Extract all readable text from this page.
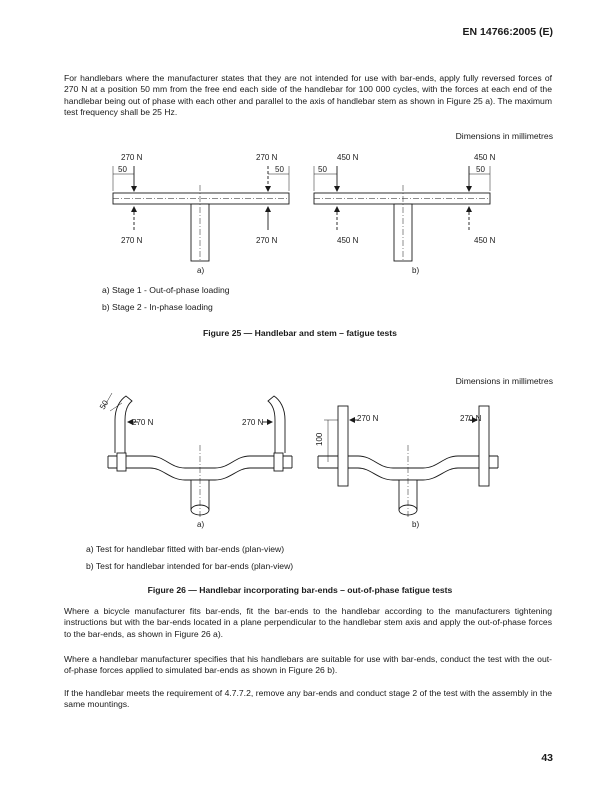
EN 14766:2005 (E)

For handlebars where the manufacturer states that they are not intended for use with bar-ends, apply fully reversed forces of 270 N at a position 50 mm from the free end each side of the handlebar for 100 000 cycles, with the forces at each end of the handlebar being out of phase with each other and parallel to the axis of handlebar stem as shown in Figure 25 a). The maximum test frequency shall be 25 Hz.

Dimensions in millimetres
270 N	270 N
50	50
270 N	270 N
a)
450 N	450 N
50	50
450 N	450 N
b)
270 N	270 N
50
a)
270 N	270 N
100
b)
a) Stage 1 - Out-of-phase loading
b) Stage 2 - In-phase loading
Figure 25 — Handlebar and stem – fatigue tests
Dimensions in millimetres
a) Test for handlebar fitted with bar-ends (plan-view)
b) Test for handlebar intended for bar-ends (plan-view)
Figure 26 — Handlebar incorporating bar-ends – out-of-phase fatigue tests

Where a bicycle manufacturer fits bar-ends, fit the bar-ends to the handlebar according to the manufacturers tightening instructions but with the bar-ends located in a plane perpendicular to the handlebar stem axis and apply the out-of-phase forces to the bar-ends, as shown in Figure 26 a).

Where a handlebar manufacturer specifies that his handlebars are suitable for use with bar-ends, conduct the test with the out-of-phase forces applied to simulated bar-ends as shown in Figure 26 b).

If the handlebar meets the requirement of 4.7.7.2, remove any bar-ends and conduct stage 2 of the test with the assembly in the same mountings.

43
